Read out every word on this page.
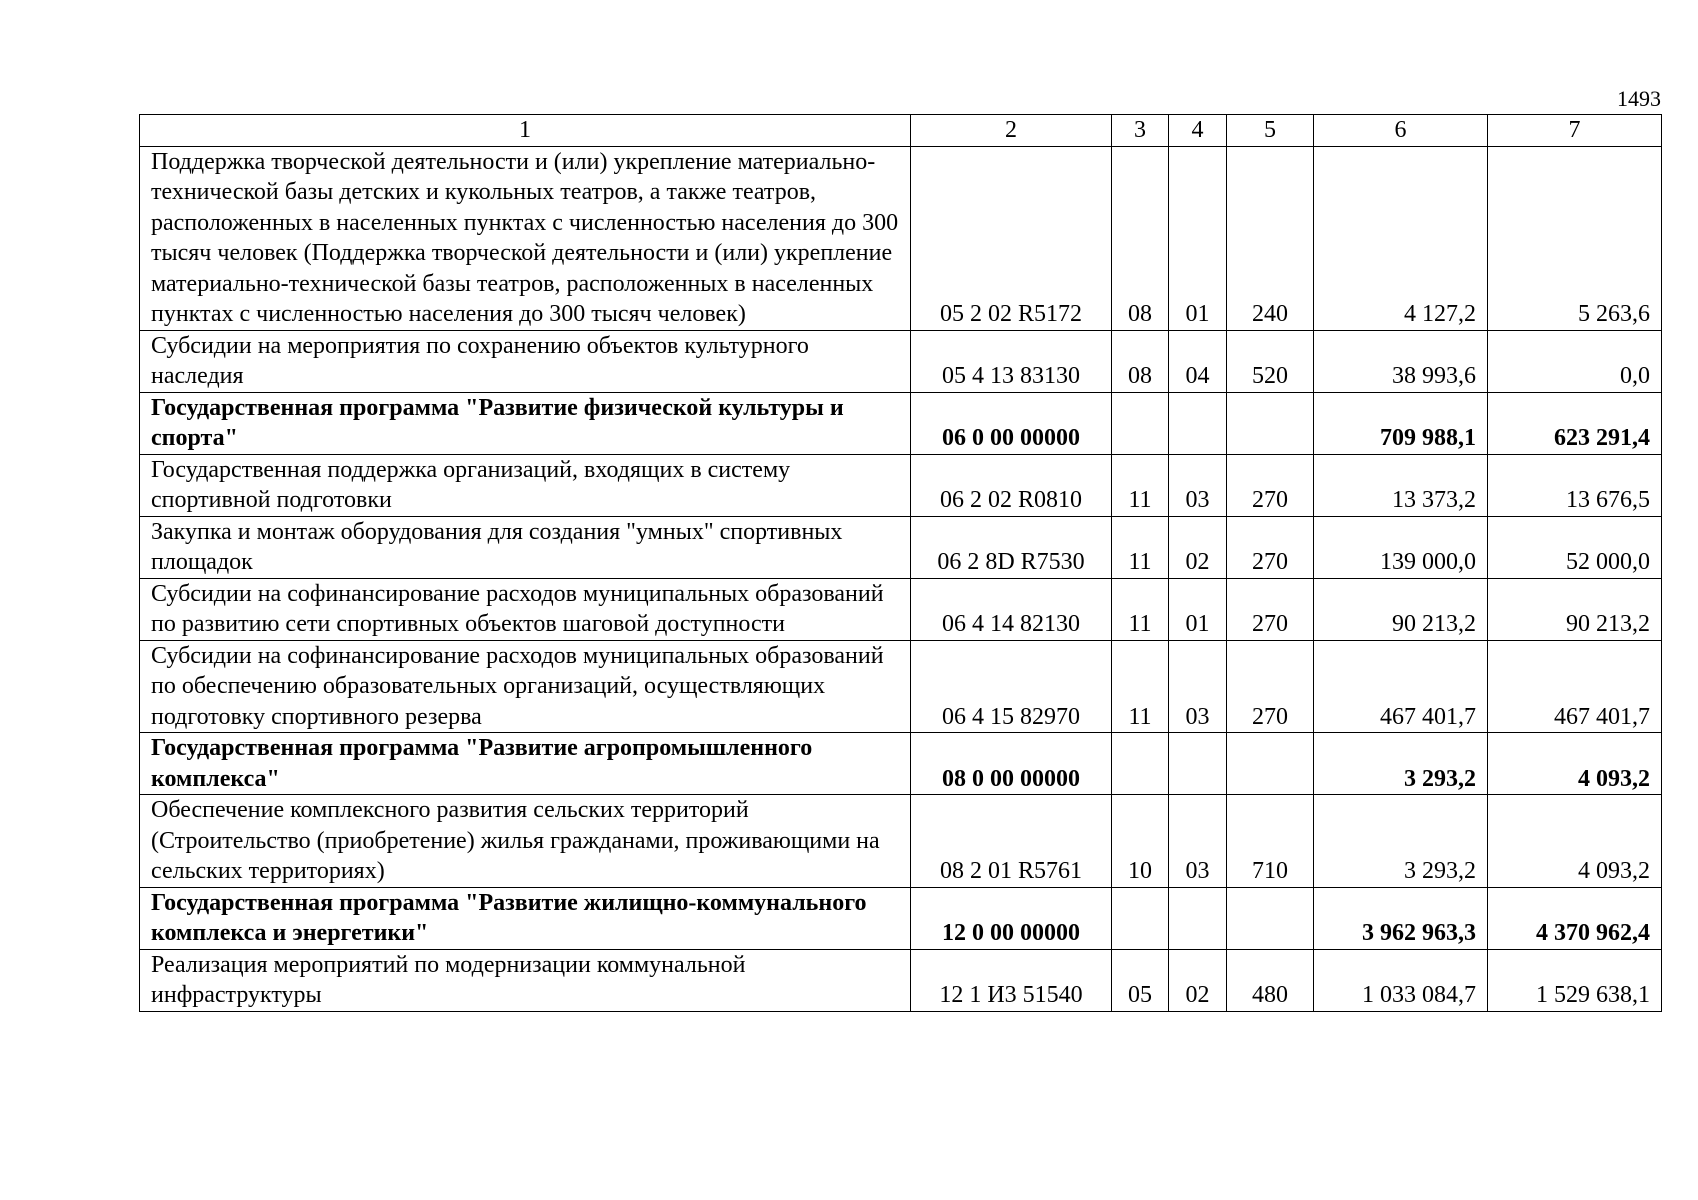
1493
1	2	3	4	5	6	7
Поддержка творческой деятельности и (или) укрепление материально-технической базы детских и кукольных театров, а также театров, расположенных в населенных пунктах с численностью населения до 300 тысяч человек (Поддержка творческой деятельности и (или) укрепление материально-технической базы театров, расположенных в населенных пунктах с численностью населения до 300 тысяч человек)	05 2 02 R5172	08	01	240	4 127,2	5 263,6
Субсидии на мероприятия по сохранению объектов культурного наследия	05 4 13 83130	08	04	520	38 993,6	0,0
Государственная программа "Развитие физической культуры и спорта"	06 0 00 00000				709 988,1	623 291,4
Государственная поддержка организаций, входящих в систему спортивной подготовки	06 2 02 R0810	11	03	270	13 373,2	13 676,5
Закупка и монтаж оборудования для создания "умных" спортивных площадок	06 2 8D R7530	11	02	270	139 000,0	52 000,0
Субсидии на софинансирование расходов муниципальных образований по развитию сети спортивных объектов шаговой доступности	06 4 14 82130	11	01	270	90 213,2	90 213,2
Субсидии на софинансирование расходов муниципальных образований по обеспечению образовательных организаций, осуществляющих подготовку спортивного резерва	06 4 15 82970	11	03	270	467 401,7	467 401,7
Государственная программа "Развитие агропромышленного комплекса"	08 0 00 00000				3 293,2	4 093,2
Обеспечение комплексного развития сельских территорий (Строительство (приобретение) жилья гражданами, проживающими на сельских территориях)	08 2 01 R5761	10	03	710	3 293,2	4 093,2
Государственная программа "Развитие жилищно-коммунального комплекса и энергетики"	12 0 00 00000				3 962 963,3	4 370 962,4
Реализация мероприятий по модернизации коммунальной инфраструктуры	12 1 И3 51540	05	02	480	1 033 084,7	1 529 638,1
